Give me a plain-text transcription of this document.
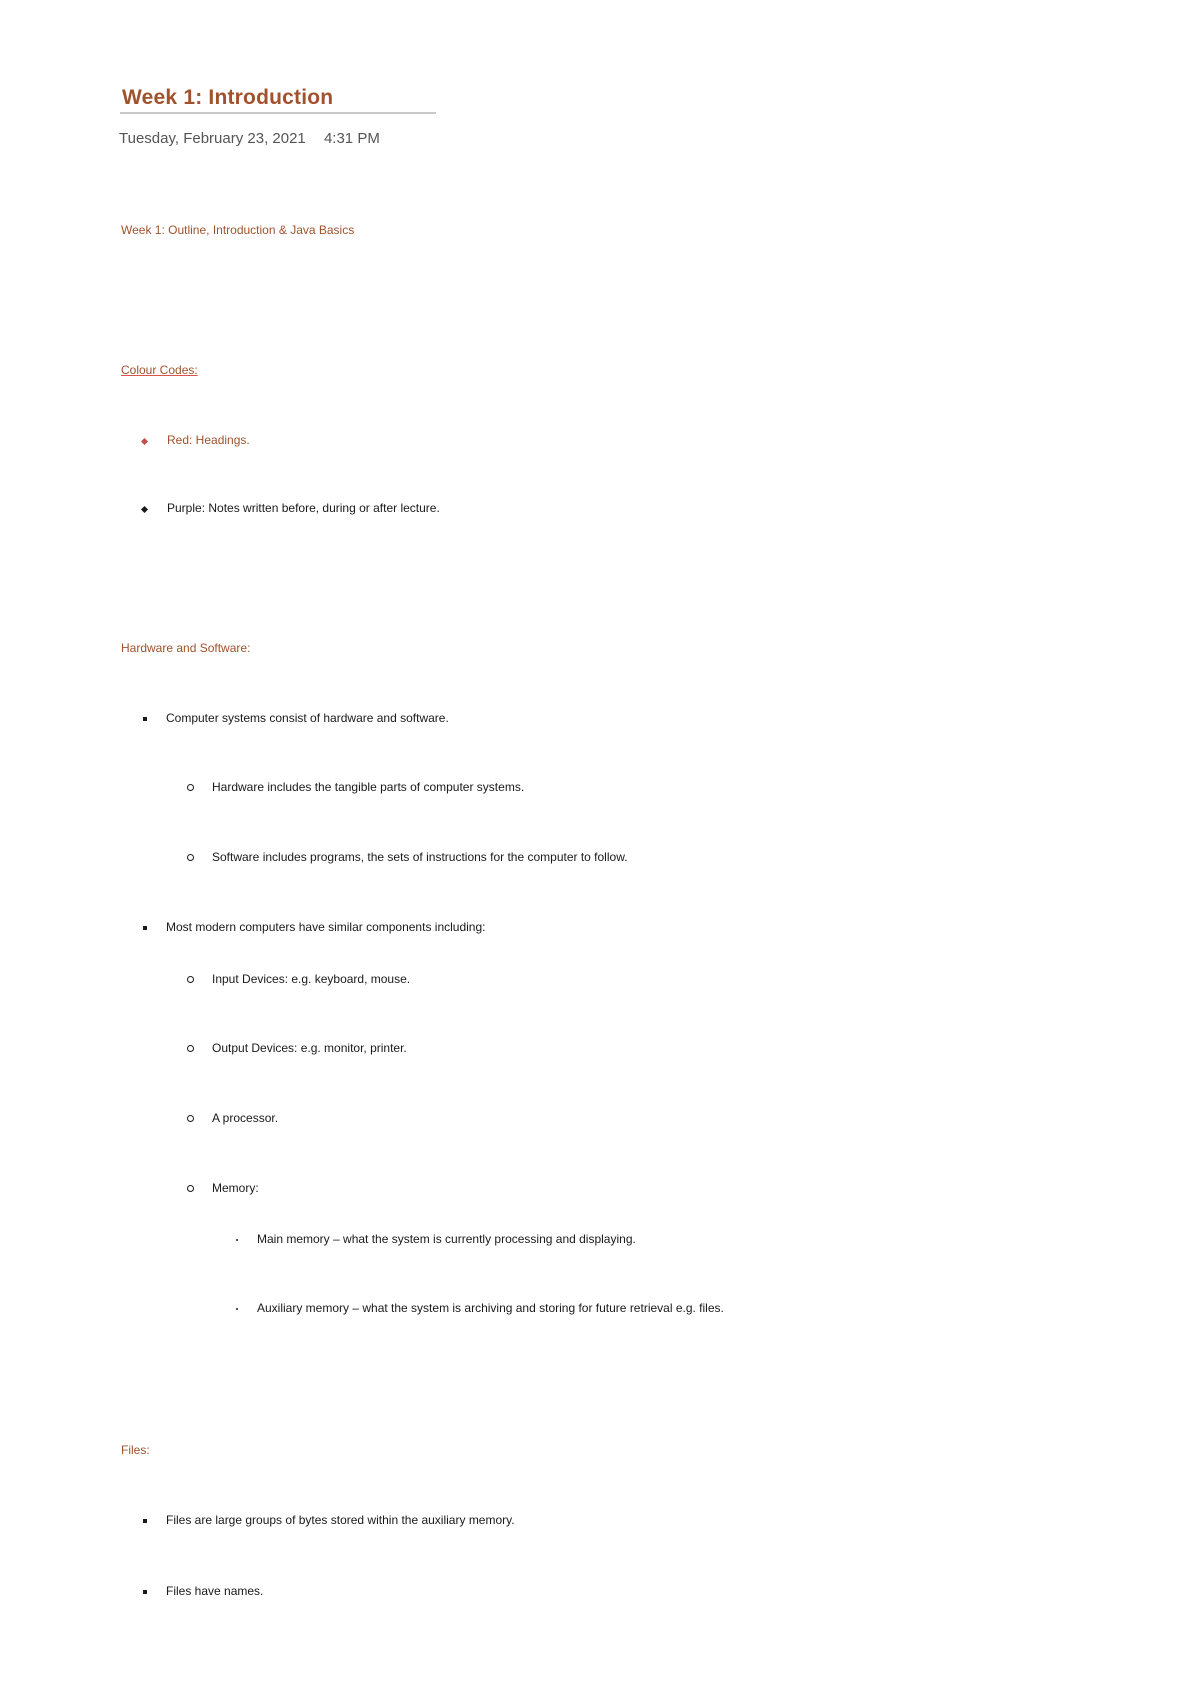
Week 1: Introduction
Tuesday, February 23, 2021 4:31 PM
Week 1: Outline, Introduction & Java Basics
Colour Codes:
Red: Headings.
Purple: Notes written before, during or after lecture.
Hardware and Software:
Computer systems consist of hardware and software.
Hardware includes the tangible parts of computer systems.
Software includes programs, the sets of instructions for the computer to follow.
Most modern computers have similar components including:
Input Devices: e.g. keyboard, mouse.
Output Devices: e.g. monitor, printer.
A processor.
Memory:
Main memory – what the system is currently processing and displaying.
Auxiliary memory – what the system is archiving and storing for future retrieval e.g. files.
Files:
Files are large groups of bytes stored within the auxiliary memory.
Files have names.
